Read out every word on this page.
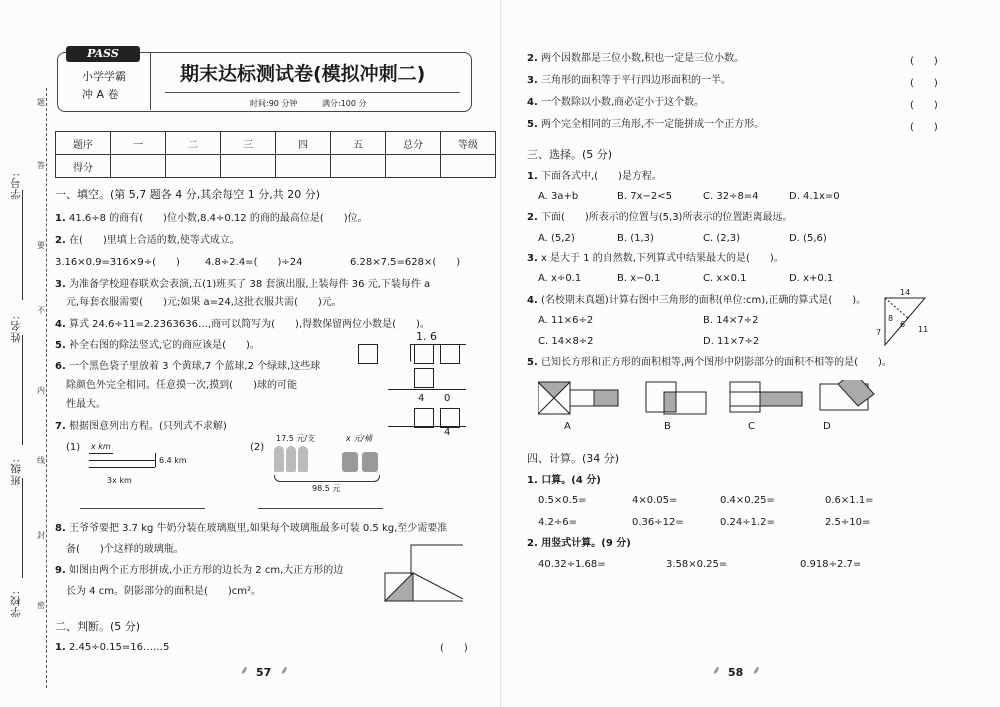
学号:
姓名:
班级:
学校:
题
答
要
不
内
线
封
密
PASS
小学学霸
冲 A 卷
期末达标测试卷(模拟冲刺二)
时间:90 分钟	满分:100 分
题序	一	二	三	四	五	总分	等级
得分							
一、填空。(第 5,7 题各 4 分,其余每空 1 分,共 20 分)
1. 41.6÷8 的商有(　　)位小数,8.4÷0.12 的商的最高位是(　　)位。
2. 在(　　)里填上合适的数,使等式成立。
3.16×0.9=316×9÷(　　)	4.8÷2.4=(　　)÷24	6.28×7.5=628×(　　)
3. 为准备学校迎春联欢会表演,五(1)班买了 38 套演出服,上装每件 36 元,下装每件 a
元,每套衣服需要(　　)元;如果 a=24,这批衣服共需(　　)元。
4. 算式 24.6÷11=2.2363636…,商可以简写为(　　),得数保留两位小数是(　　)。
5. 补全右图的除法竖式,它的商应该是(　　)。
6. 一个黑色袋子里放着 3 个黄球,7 个蓝球,2 个绿球,这些球
除颜色外完全相同。任意摸一次,摸到(　　)球的可能
性最大。
1. 6
4 0
4
7. 根据图意列出方程。(只列式不求解)
(1)	(2)
x km
6.4 km
3x km
17.5 元/支	x 元/桶
98.5 元
8. 王爷爷要把 3.7 kg 牛奶分装在玻璃瓶里,如果每个玻璃瓶最多可装 0.5 kg,至少需要准
备(　　)个这样的玻璃瓶。
9. 如图由两个正方形拼成,小正方形的边长为 2 cm,大正方形的边
长为 4 cm。阴影部分的面积是(　　)cm²。
二、判断。(5 分)
1. 2.45÷0.15=16……5	(　　)
57
⸙	⸙
2. 两个因数都是三位小数,积也一定是三位小数。	(　　)
3. 三角形的面积等于平行四边形面积的一半。	(　　)
4. 一个数除以小数,商必定小于这个数。	(　　)
5. 两个完全相同的三角形,不一定能拼成一个正方形。	(　　)
三、选择。(5 分)
1. 下面各式中,(　　)是方程。
A. 3a+b	B. 7x−2<5	C. 32÷8=4	D. 4.1x=0
2. 下面(　　)所表示的位置与(5,3)所表示的位置距离最远。
A. (5,2)	B. (1,3)	C. (2,3)	D. (5,6)
3. x 是大于 1 的自然数,下列算式中结果最大的是(　　)。
A. x÷0.1	B. x−0.1	C. x×0.1	D. x+0.1
4. (名校期末真题)计算右图中三角形的面积(单位:cm),正确的算式是(　　)。
A. 11×6÷2	B. 14×7÷2
C. 14×8÷2	D. 11×7÷2
14
8
6
7	11
5. 已知长方形和正方形的面积相等,两个图形中阴影部分的面积不相等的是(　　)。
A	B	C	D
四、计算。(34 分)
1. 口算。(4 分)
0.5×0.5=	4×0.05=	0.4×0.25=	0.6×1.1=
4.2÷6=	0.36÷12=	0.24÷1.2=	2.5÷10=
2. 用竖式计算。(9 分)
40.32÷1.68=	3.58×0.25=	0.918÷2.7=
58
⸙	⸙
